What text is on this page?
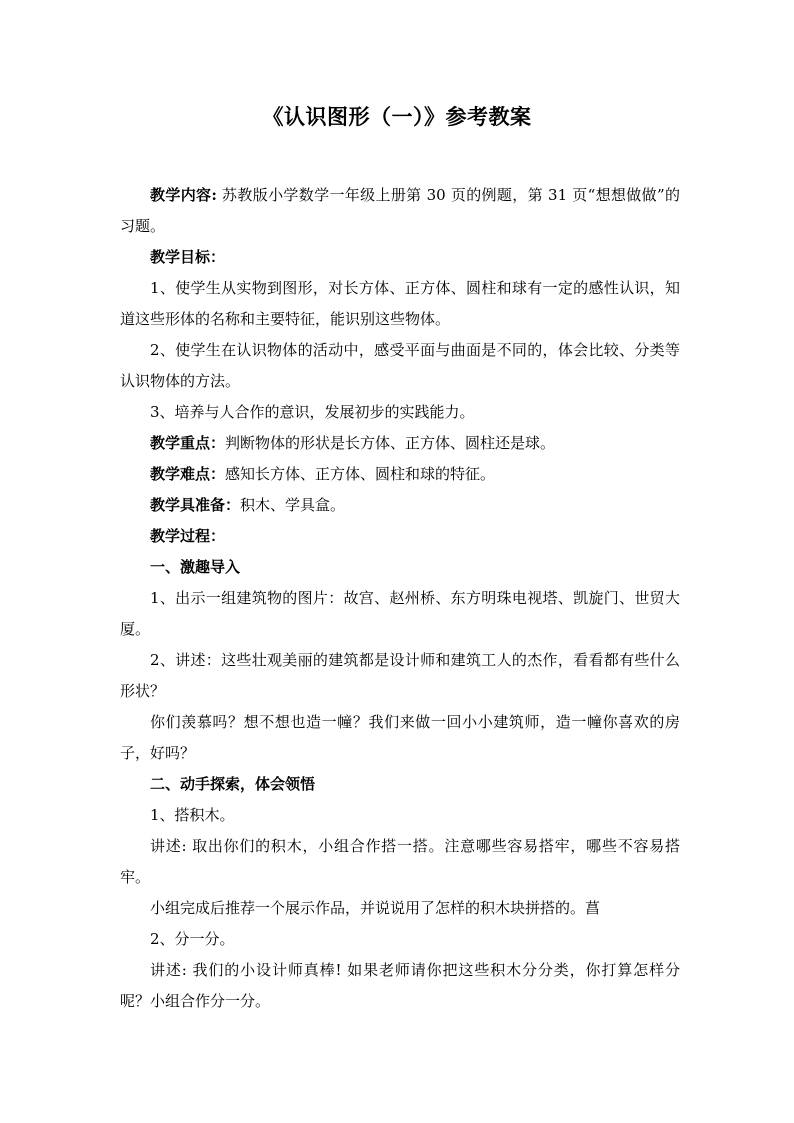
《认识图形（一）》参考教案

教学内容: 苏教版小学数学一年级上册第 30 页的例题，第 31 页“想想做做”的习题。

教学目标：

1、使学生从实物到图形，对长方体、正方体、圆柱和球有一定的感性认识，知道这些形体的名称和主要特征，能识别这些物体。

2、使学生在认识物体的活动中，感受平面与曲面是不同的，体会比较、分类等认识物体的方法。

3、培养与人合作的意识，发展初步的实践能力。

教学重点：判断物体的形状是长方体、正方体、圆柱还是球。

教学难点：感知长方体、正方体、圆柱和球的特征。

教学具准备：积木、学具盒。

教学过程：

一、激趣导入

1、出示一组建筑物的图片：故宫、赵州桥、东方明珠电视塔、凯旋门、世贸大厦。

2、讲述：这些壮观美丽的建筑都是设计师和建筑工人的杰作，看看都有些什么形状？

你们羡慕吗？想不想也造一幢？我们来做一回小小建筑师，造一幢你喜欢的房子，好吗？

二、动手探索，体会领悟

1、搭积木。

讲述: 取出你们的积木，小组合作搭一搭。注意哪些容易搭牢，哪些不容易搭牢。

小组完成后推荐一个展示作品，并说说用了怎样的积木块拼搭的。菖

2、分一分。

讲述: 我们的小设计师真棒! 如果老师请你把这些积木分分类，你打算怎样分呢？小组合作分一分。
